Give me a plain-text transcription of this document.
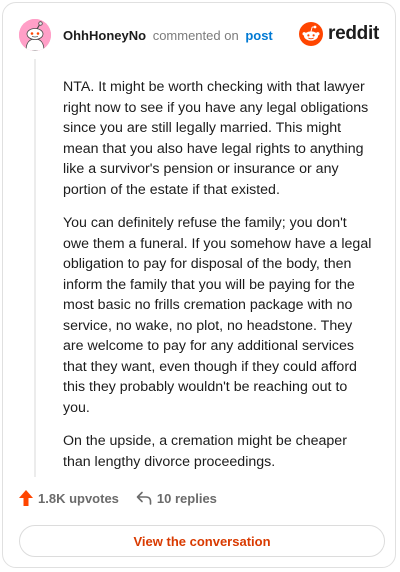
OhhHoneyNo commented on post	reddit

NTA. It might be worth checking with that lawyer right now to see if you have any legal obligations since you are still legally married. This might mean that you also have legal rights to anything like a survivor's pension or insurance or any portion of the estate if that existed.

You can definitely refuse the family; you don't owe them a funeral. If you somehow have a legal obligation to pay for disposal of the body, then inform the family that you will be paying for the most basic no frills cremation package with no service, no wake, no plot, no headstone. They are welcome to pay for any additional services that they want, even though if they could afford this they probably wouldn't be reaching out to you.

On the upside, a cremation might be cheaper than lengthy divorce proceedings.

1.8K upvotes	10 replies
View the conversation
